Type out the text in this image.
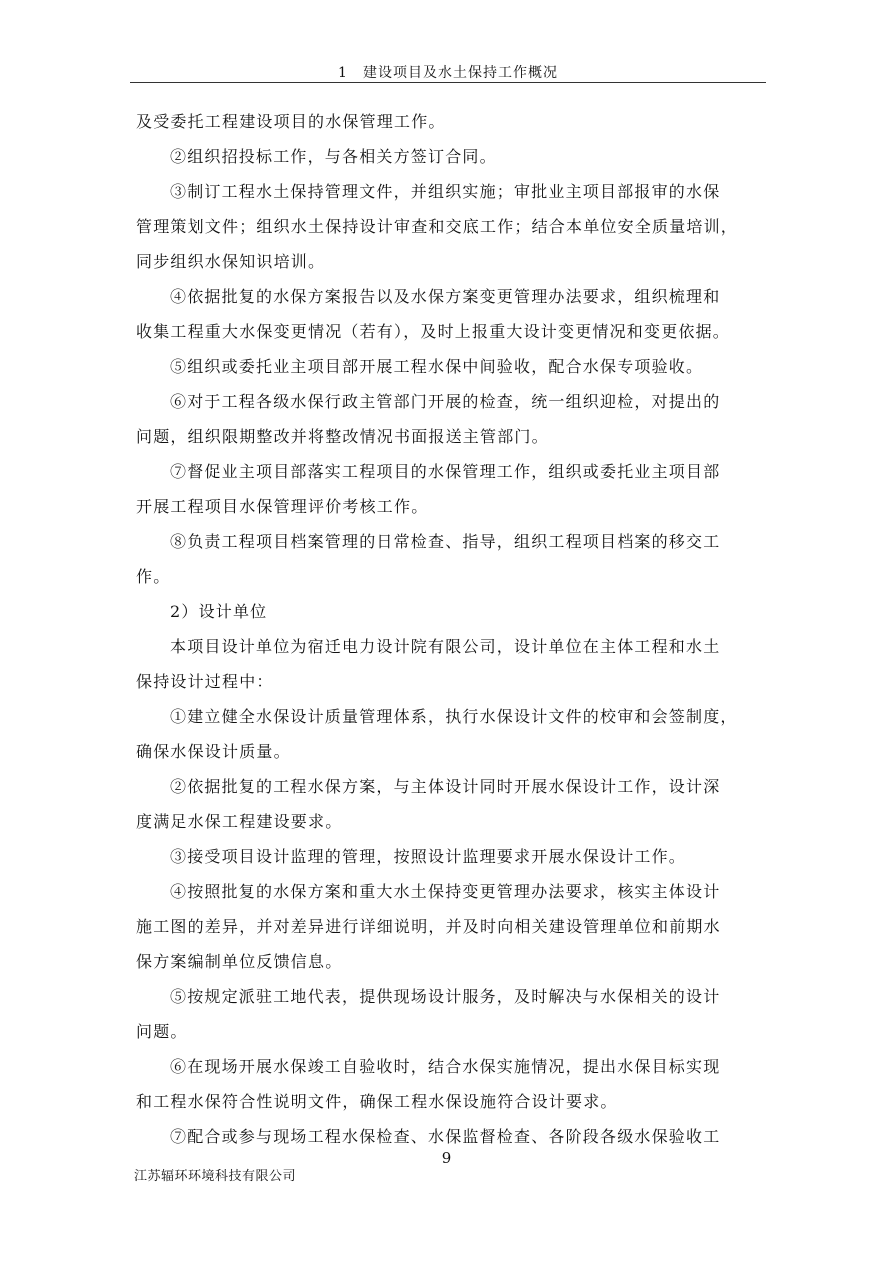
1　建设项目及水土保持工作概况

及受委托工程建设项目的水保管理工作。

②组织招投标工作，与各相关方签订合同。

③制订工程水土保持管理文件，并组织实施；审批业主项目部报审的水保

管理策划文件；组织水土保持设计审查和交底工作；结合本单位安全质量培训，

同步组织水保知识培训。

④依据批复的水保方案报告以及水保方案变更管理办法要求，组织梳理和

收集工程重大水保变更情况（若有），及时上报重大设计变更情况和变更依据。

⑤组织或委托业主项目部开展工程水保中间验收，配合水保专项验收。

⑥对于工程各级水保行政主管部门开展的检查，统一组织迎检，对提出的

问题，组织限期整改并将整改情况书面报送主管部门。

⑦督促业主项目部落实工程项目的水保管理工作，组织或委托业主项目部

开展工程项目水保管理评价考核工作。

⑧负责工程项目档案管理的日常检查、指导，组织工程项目档案的移交工

作。

2）设计单位

本项目设计单位为宿迁电力设计院有限公司，设计单位在主体工程和水土

保持设计过程中：

①建立健全水保设计质量管理体系，执行水保设计文件的校审和会签制度，

确保水保设计质量。

②依据批复的工程水保方案，与主体设计同时开展水保设计工作，设计深

度满足水保工程建设要求。

③接受项目设计监理的管理，按照设计监理要求开展水保设计工作。

④按照批复的水保方案和重大水土保持变更管理办法要求，核实主体设计

施工图的差异，并对差异进行详细说明，并及时向相关建设管理单位和前期水

保方案编制单位反馈信息。

⑤按规定派驻工地代表，提供现场设计服务，及时解决与水保相关的设计

问题。

⑥在现场开展水保竣工自验收时，结合水保实施情况，提出水保目标实现

和工程水保符合性说明文件，确保工程水保设施符合设计要求。

⑦配合或参与现场工程水保检查、水保监督检查、各阶段各级水保验收工

9
江苏辐环环境科技有限公司
